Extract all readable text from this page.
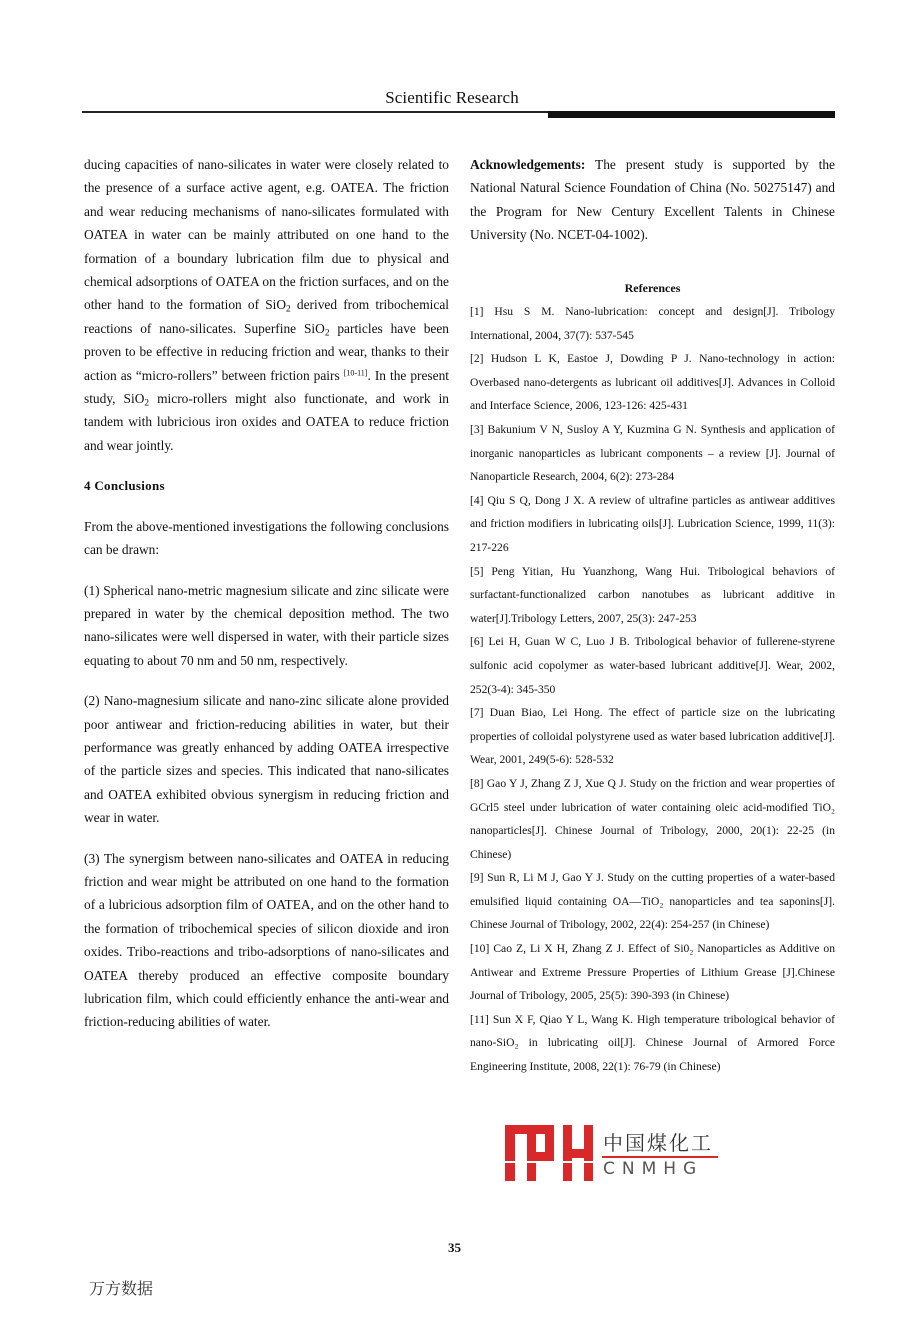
Scientific Research

ducing capacities of nano-silicates in water were closely related to the presence of a surface active agent, e.g. OATEA. The friction and wear reducing mechanisms of nano-silicates formulated with OATEA in water can be mainly attributed on one hand to the formation of a boundary lubrication film due to physical and chemical adsorptions of OATEA on the friction surfaces, and on the other hand to the formation of SiO$_2$ derived from tribochemical reactions of nano-silicates. Superfine SiO$_2$ particles have been proven to be effective in reducing friction and wear, thanks to their action as “micro-rollers” between friction pairs [10-11]. In the present study, SiO$_2$ micro-rollers might also functionate, and work in tandem with lubricious iron oxides and OATEA to reduce friction and wear jointly.

4 Conclusions

From the above-mentioned investigations the following conclusions can be drawn:

(1) Spherical nano-metric magnesium silicate and zinc silicate were prepared in water by the chemical deposition method. The two nano-silicates were well dispersed in water, with their particle sizes equating to about 70 nm and 50 nm, respectively.

(2) Nano-magnesium silicate and nano-zinc silicate alone provided poor antiwear and friction-reducing abilities in water, but their performance was greatly enhanced by adding OATEA irrespective of the particle sizes and species. This indicated that nano-silicates and OATEA exhibited obvious synergism in reducing friction and wear in water.

(3) The synergism between nano-silicates and OATEA in reducing friction and wear might be attributed on one hand to the formation of a lubricious adsorption film of OATEA, and on the other hand to the formation of tribochemical species of silicon dioxide and iron oxides. Tribo-reactions and tribo-adsorptions of nano-silicates and OATEA thereby produced an effective composite boundary lubrication film, which could efficiently enhance the anti-wear and friction-reducing abilities of water.

Acknowledgements: The present study is supported by the National Natural Science Foundation of China (No. 50275147) and the Program for New Century Excellent Talents in Chinese University (No. NCET-04-1002).

References

[1] Hsu S M. Nano-lubrication: concept and design[J]. Tribology International, 2004, 37(7): 537-545

[2] Hudson L K, Eastoe J, Dowding P J. Nano-technology in action: Overbased nano-detergents as lubricant oil additives[J]. Advances in Colloid and Interface Science, 2006, 123-126: 425-431

[3] Bakunium V N, Susloy A Y, Kuzmina G N. Synthesis and application of inorganic nanoparticles as lubricant components – a review [J]. Journal of Nanoparticle Research, 2004, 6(2): 273-284

[4] Qiu S Q, Dong J X. A review of ultrafine particles as antiwear additives and friction modifiers in lubricating oils[J]. Lubrication Science, 1999, 11(3): 217-226

[5] Peng Yitian, Hu Yuanzhong, Wang Hui. Tribological behaviors of surfactant-functionalized carbon nanotubes as lubricant additive in water[J].Tribology Letters, 2007, 25(3): 247-253

[6] Lei H, Guan W C, Luo J B. Tribological behavior of fullerene-styrene sulfonic acid copolymer as water-based lubricant additive[J]. Wear, 2002, 252(3-4): 345-350

[7] Duan Biao, Lei Hong. The effect of particle size on the lubricating properties of colloidal polystyrene used as water based lubrication additive[J]. Wear, 2001, 249(5-6): 528-532

[8] Gao Y J, Zhang Z J, Xue Q J. Study on the friction and wear properties of GCrl5 steel under lubrication of water containing oleic acid-modified TiO₂ nanoparticles[J]. Chinese Journal of Tribology, 2000, 20(1): 22-25 (in Chinese)

[9] Sun R, Li M J, Gao Y J. Study on the cutting properties of a water-based emulsified liquid containing OA—TiO₂ nanoparticles and tea saponins[J]. Chinese Journal of Tribology, 2002, 22(4): 254-257 (in Chinese)

[10] Cao Z, Li X H, Zhang Z J. Effect of Si0₂ Nanoparticles as Additive on Antiwear and Extreme Pressure Properties of Lithium Grease [J].Chinese Journal of Tribology, 2005, 25(5): 390-393 (in Chinese)

[11] Sun X F, Qiao Y L, Wang K. High temperature tribological behavior of nano-SiO₂ in lubricating oil[J]. Chinese Journal of Armored Force Engineering Institute, 2008, 22(1): 76-79 (in Chinese)

中国煤化工
CNMHG
35
万方数据
